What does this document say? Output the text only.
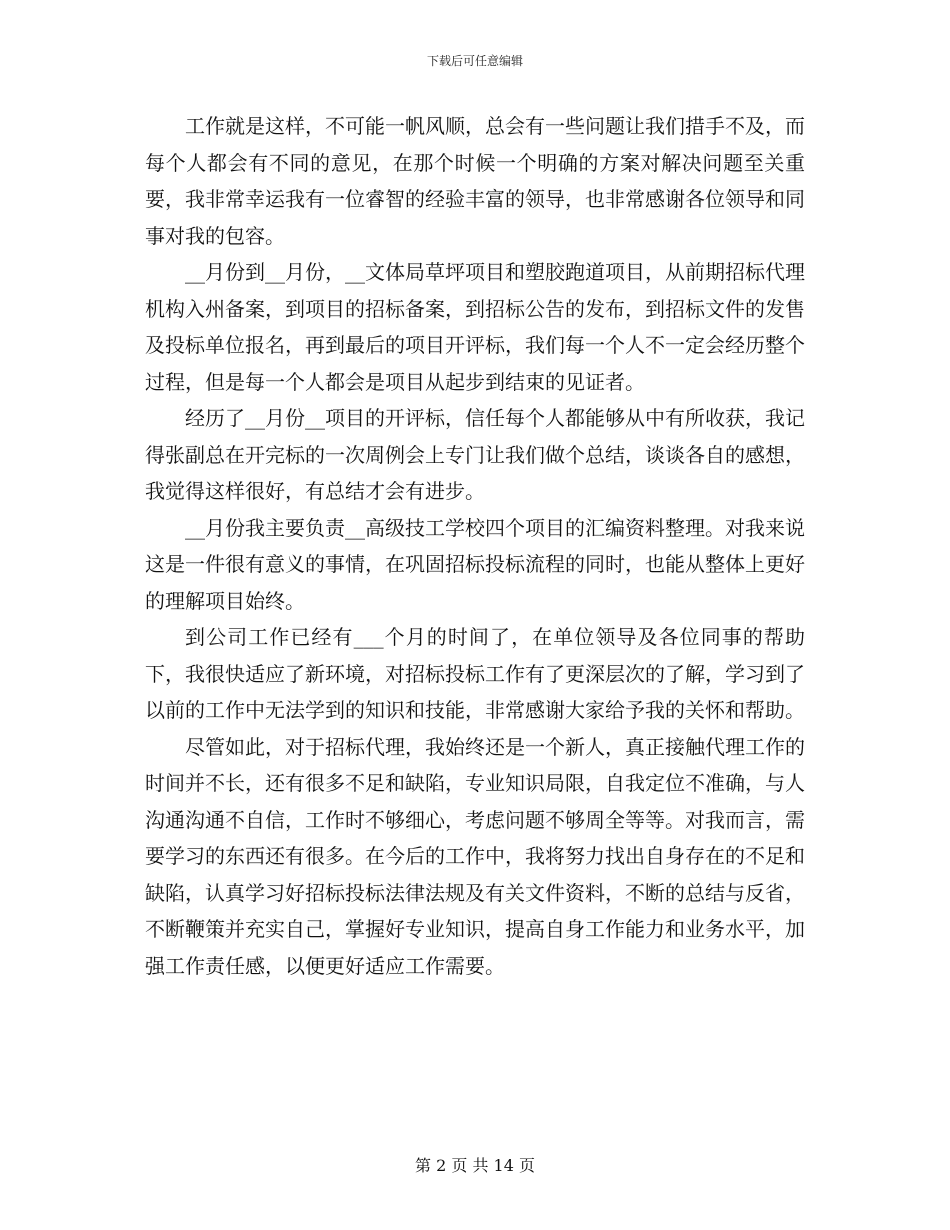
下载后可任意编辑

工作就是这样，不可能一帆风顺，总会有一些问题让我们措手不及，而每个人都会有不同的意见，在那个时候一个明确的方案对解决问题至关重要，我非常幸运我有一位睿智的经验丰富的领导，也非常感谢各位领导和同事对我的包容。

__月份到__月份，__文体局草坪项目和塑胶跑道项目，从前期招标代理机构入州备案，到项目的招标备案，到招标公告的发布，到招标文件的发售及投标单位报名，再到最后的项目开评标，我们每一个人不一定会经历整个过程，但是每一个人都会是项目从起步到结束的见证者。

经历了__月份__项目的开评标，信任每个人都能够从中有所收获，我记得张副总在开完标的一次周例会上专门让我们做个总结，谈谈各自的感想，我觉得这样很好，有总结才会有进步。

__月份我主要负责__高级技工学校四个项目的汇编资料整理。对我来说这是一件很有意义的事情，在巩固招标投标流程的同时，也能从整体上更好的理解项目始终。

到公司工作已经有___个月的时间了，在单位领导及各位同事的帮助下，我很快适应了新环境，对招标投标工作有了更深层次的了解，学习到了以前的工作中无法学到的知识和技能，非常感谢大家给予我的关怀和帮助。

尽管如此，对于招标代理，我始终还是一个新人，真正接触代理工作的时间并不长，还有很多不足和缺陷，专业知识局限，自我定位不准确，与人沟通沟通不自信，工作时不够细心，考虑问题不够周全等等。对我而言，需要学习的东西还有很多。在今后的工作中，我将努力找出自身存在的不足和缺陷，认真学习好招标投标法律法规及有关文件资料，不断的总结与反省，不断鞭策并充实自己，掌握好专业知识，提高自身工作能力和业务水平，加强工作责任感，以便更好适应工作需要。

第 2 页 共 14 页
